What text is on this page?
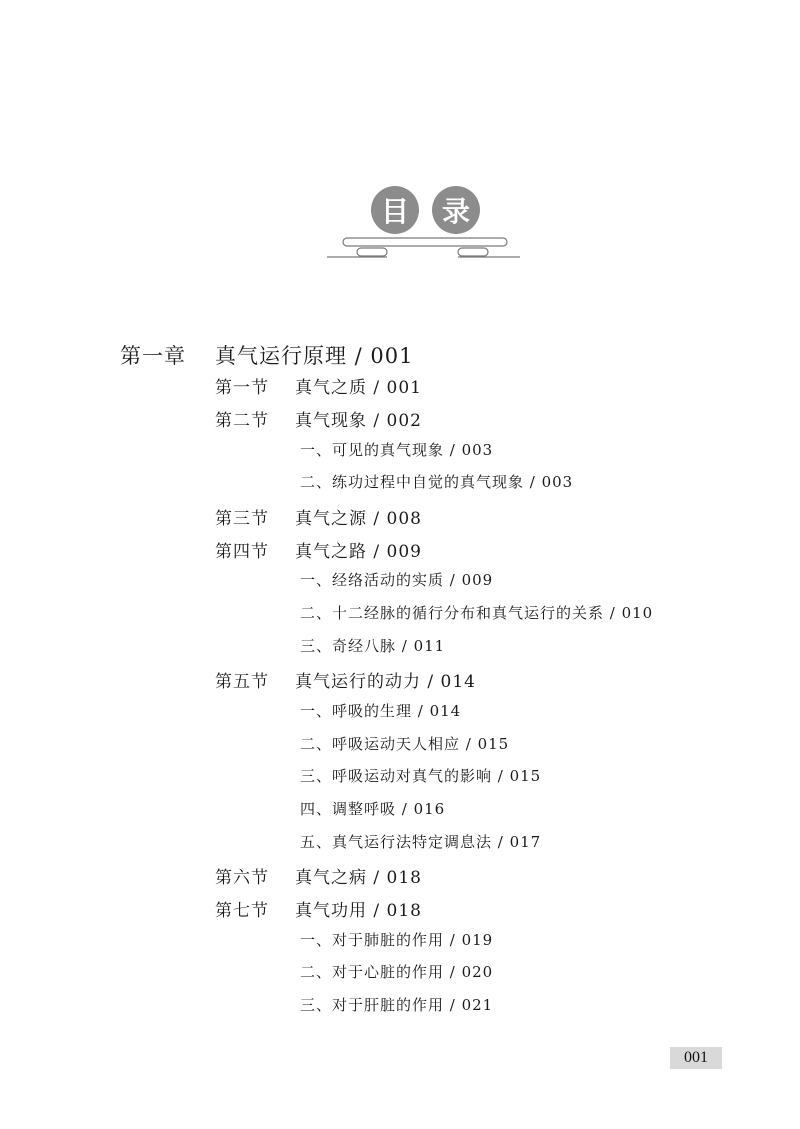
目	录
第一章 真气运行原理 / 001
第一节 真气之质 / 001
第二节 真气现象 / 002
一、可见的真气现象 / 003
二、练功过程中自觉的真气现象 / 003
第三节 真气之源 / 008
第四节 真气之路 / 009
一、经络活动的实质 / 009
二、十二经脉的循行分布和真气运行的关系 / 010
三、奇经八脉 / 011
第五节 真气运行的动力 / 014
一、呼吸的生理 / 014
二、呼吸运动天人相应 / 015
三、呼吸运动对真气的影响 / 015
四、调整呼吸 / 016
五、真气运行法特定调息法 / 017
第六节 真气之病 / 018
第七节 真气功用 / 018
一、对于肺脏的作用 / 019
二、对于心脏的作用 / 020
三、对于肝脏的作用 / 021
001
